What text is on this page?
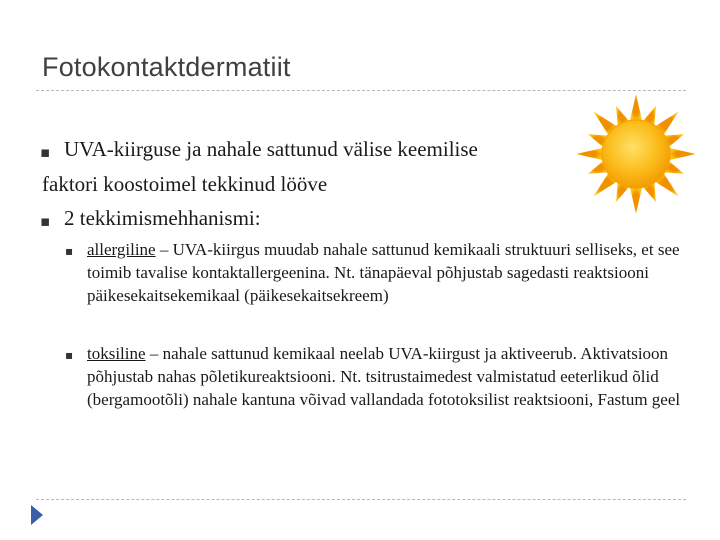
Fotokontaktdermatiit
▪ UVA-kiirguse ja nahale sattunud välise keemilise
faktori koostoimel tekkinud lööve
▪ 2 tekkimismehhanismi:
▪ allergiline – UVA-kiirgus muudab nahale sattunud kemikaali struktuuri selliseks, et see toimib tavalise kontaktallergeenina. Nt. tänapäeval põhjustab sagedasti reaktsiooni päikesekaitsekemikaal (päikesekaitsekreem)
▪ toksiline – nahale sattunud kemikaal neelab UVA-kiirgust ja aktiveerub. Aktivatsioon põhjustab nahas põletikureaktsiooni. Nt. tsitrustaimedest valmistatud eeterlikud õlid (bergamootõli) nahale kantuna võivad vallandada fototoksilist reaktsiooni, Fastum geel
